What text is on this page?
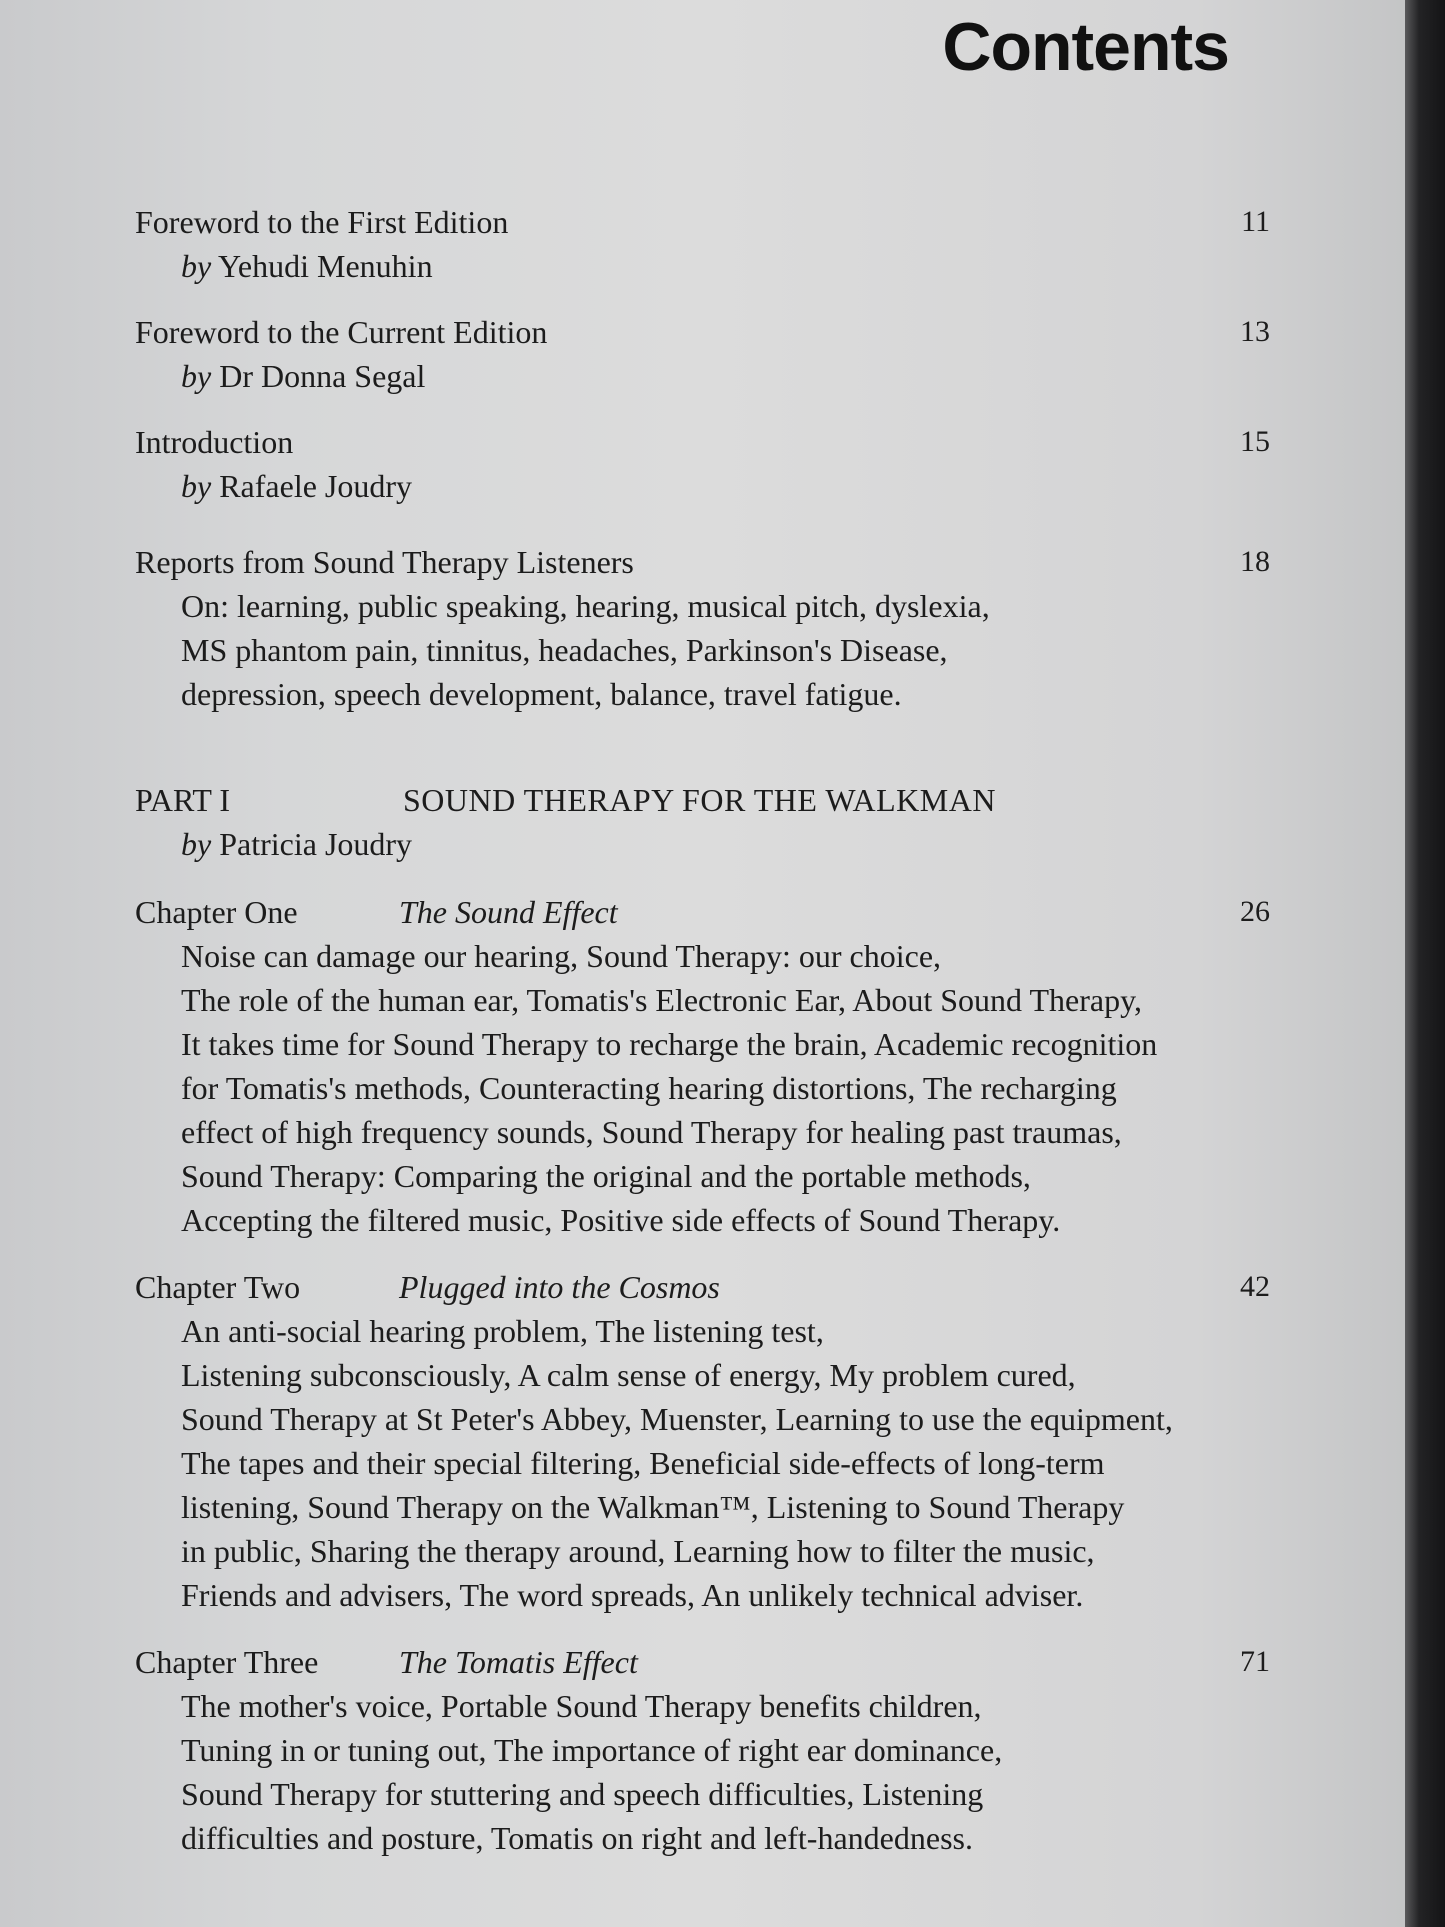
Contents
Foreword to the First Edition	11
by Yehudi Menuhin
Foreword to the Current Edition	13
by Dr Donna Segal
Introduction	15
by Rafaele Joudry
Reports from Sound Therapy Listeners	18
On: learning, public speaking, hearing, musical pitch, dyslexia,
MS phantom pain, tinnitus, headaches, Parkinson's Disease,
depression, speech development, balance, travel fatigue.
PART I	SOUND THERAPY FOR THE WALKMAN
by Patricia Joudry
Chapter One	The Sound Effect	26
Noise can damage our hearing, Sound Therapy: our choice,
The role of the human ear, Tomatis's Electronic Ear, About Sound Therapy,
It takes time for Sound Therapy to recharge the brain, Academic recognition
for Tomatis's methods, Counteracting hearing distortions, The recharging
effect of high frequency sounds, Sound Therapy for healing past traumas,
Sound Therapy: Comparing the original and the portable methods,
Accepting the filtered music, Positive side effects of Sound Therapy.
Chapter Two	Plugged into the Cosmos	42
An anti-social hearing problem, The listening test,
Listening subconsciously, A calm sense of energy, My problem cured,
Sound Therapy at St Peter's Abbey, Muenster, Learning to use the equipment,
The tapes and their special filtering, Beneficial side-effects of long-term
listening, Sound Therapy on the Walkman™, Listening to Sound Therapy
in public, Sharing the therapy around, Learning how to filter the music,
Friends and advisers, The word spreads, An unlikely technical adviser.
Chapter Three	The Tomatis Effect	71
The mother's voice, Portable Sound Therapy benefits children,
Tuning in or tuning out, The importance of right ear dominance,
Sound Therapy for stuttering and speech difficulties, Listening
difficulties and posture, Tomatis on right and left-handedness.
